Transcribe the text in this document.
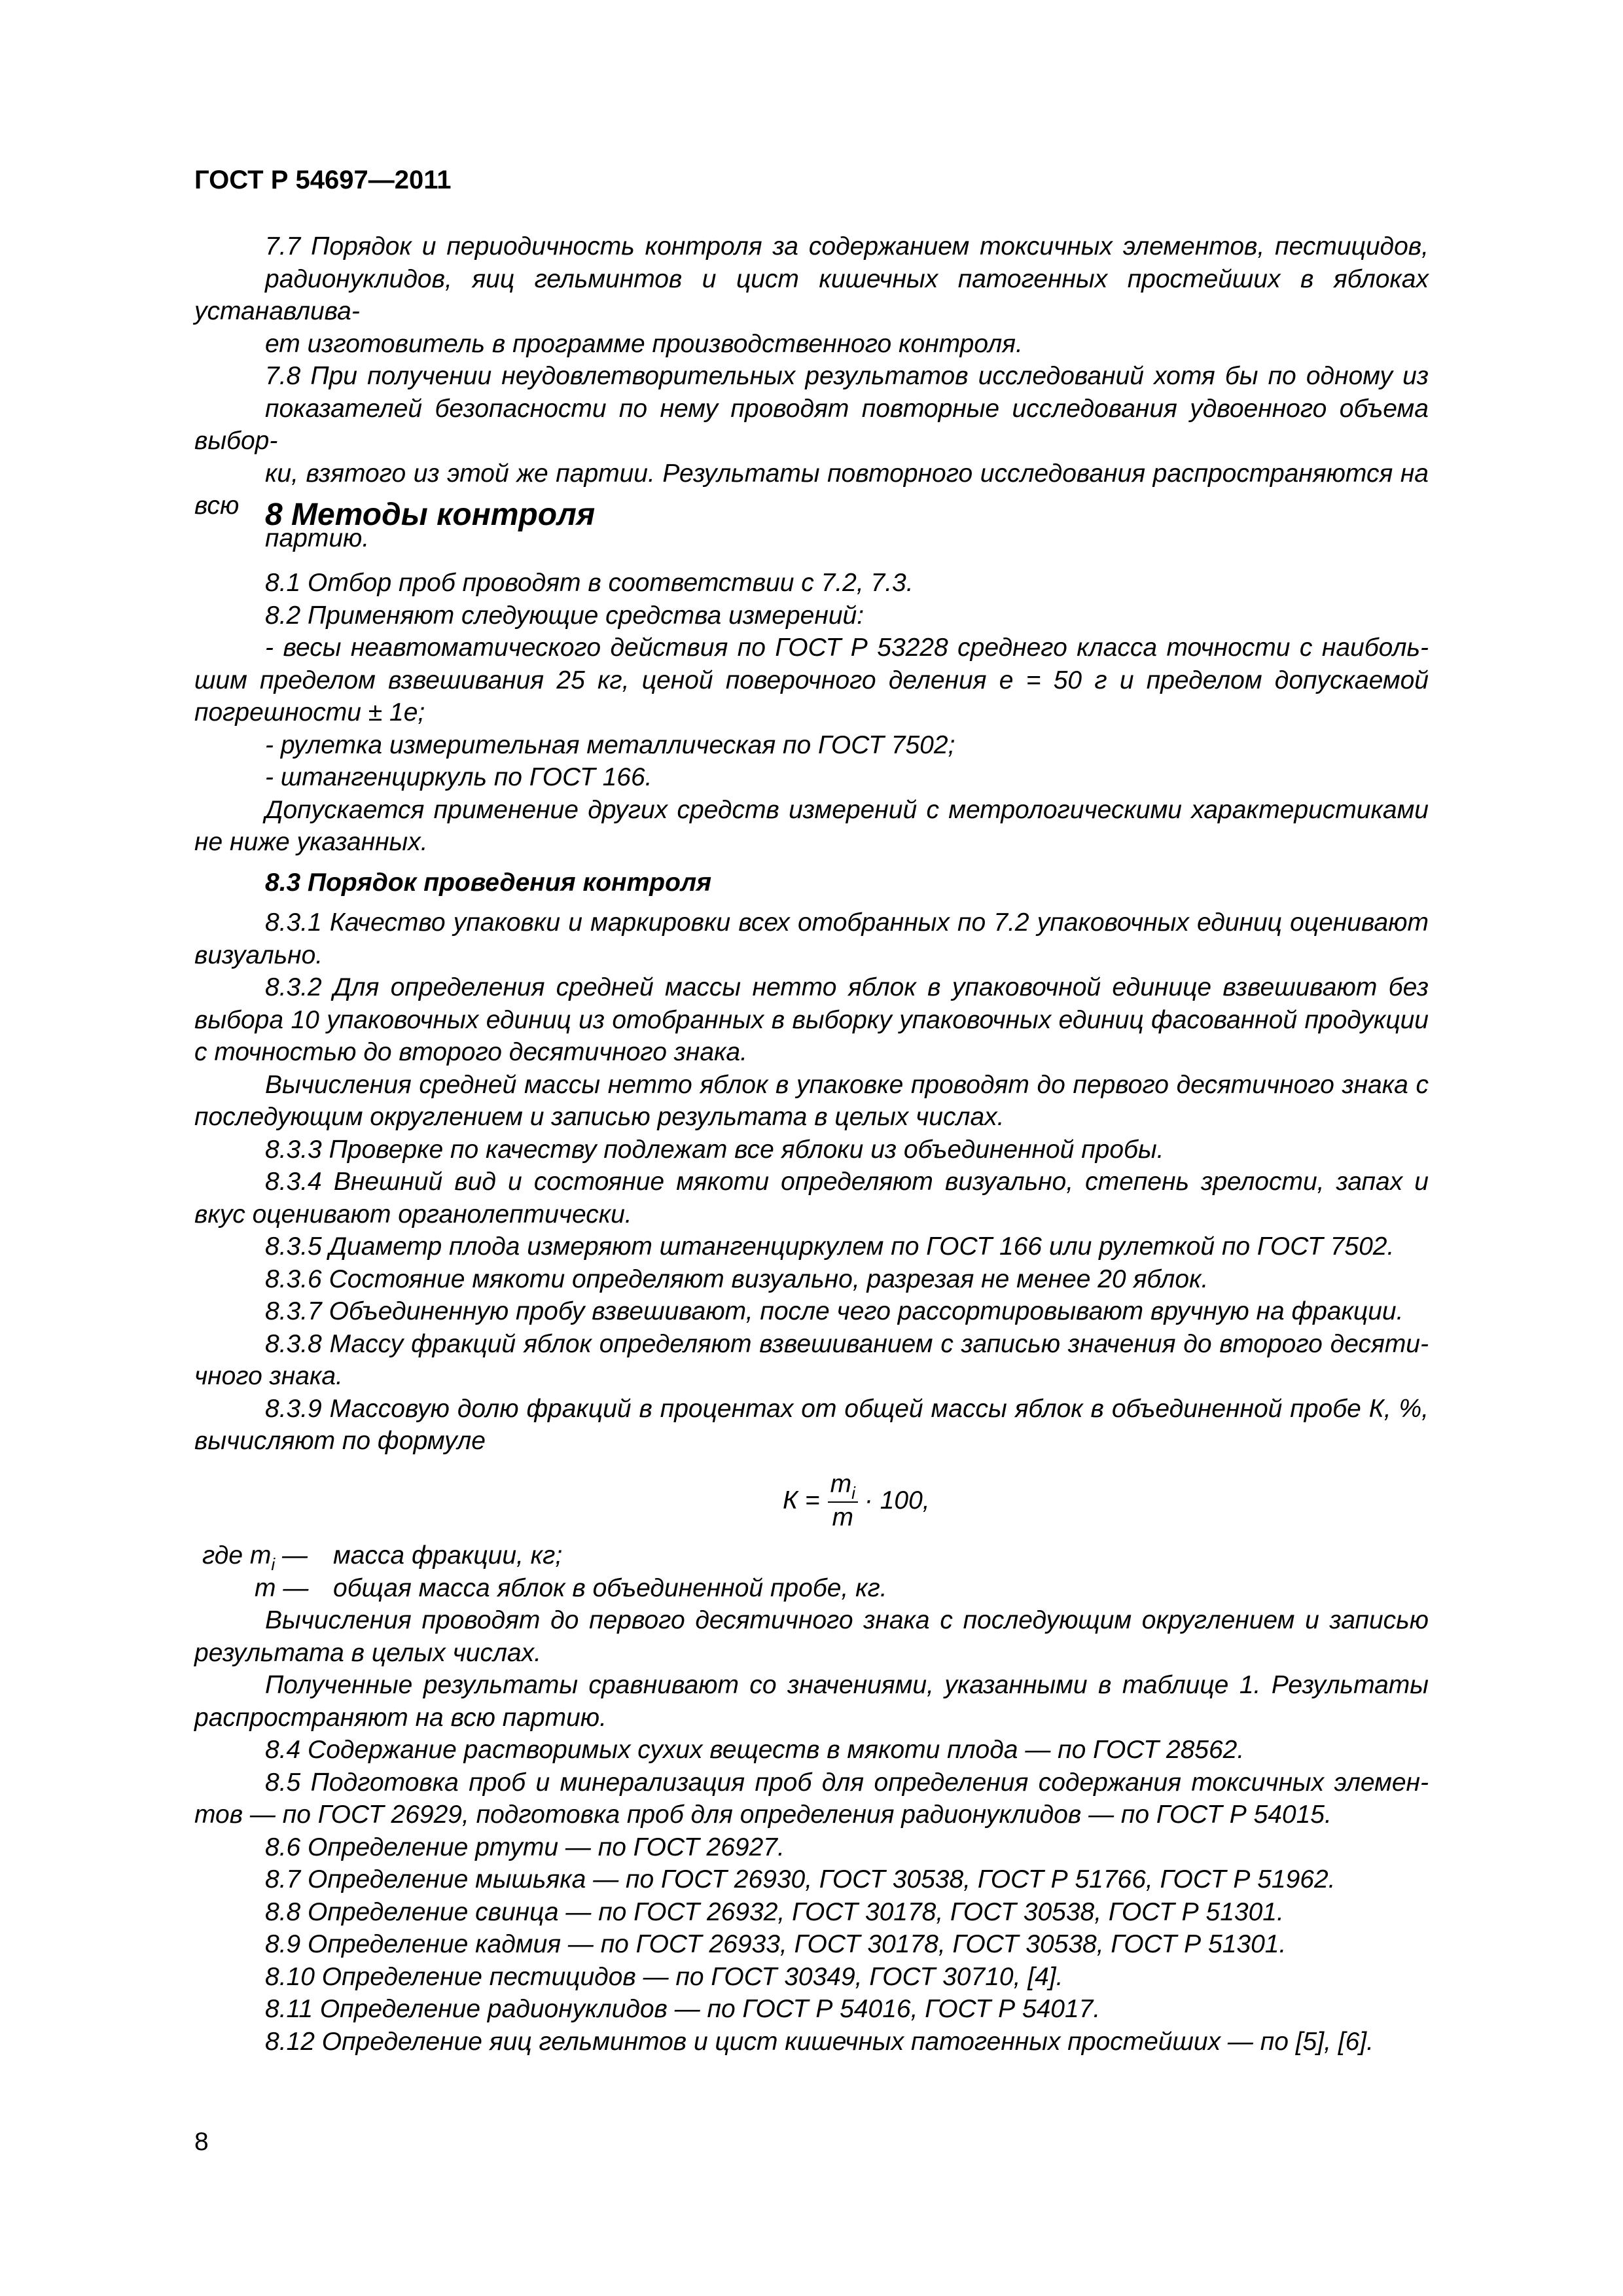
ГОСТ Р 54697—2011

7.7 Порядок и периодичность контроля за содержанием токсичных элементов, пестицидов,
радионуклидов, яиц гельминтов и цист кишечных патогенных простейших в яблоках устанавлива-
ет изготовитель в программе производственного контроля.

7.8 При получении неудовлетворительных результатов исследований хотя бы по одному из
показателей безопасности по нему проводят повторные исследования удвоенного объема выбор-
ки, взятого из этой же партии. Результаты повторного исследования распространяются на всю
партию.

8 Методы контроля
8.1 Отбор проб проводят в соответствии с 7.2, 7.3.
8.2 Применяют следующие средства измерений:
- весы неавтоматического действия по ГОСТ Р 53228 среднего класса точности с наиболь-
шим пределом взвешивания 25 кг, ценой поверочного деления е = 50 г и пределом допускаемой
погрешности ± 1е;
- рулетка измерительная металлическая по ГОСТ 7502;
- штангенциркуль по ГОСТ 166.
Допускается применение других средств измерений с метрологическими характеристиками
не ниже указанных.
8.3 Порядок проведения контроля
8.3.1 Качество упаковки и маркировки всех отобранных по 7.2 упаковочных единиц оценивают
визуально.
8.3.2 Для определения средней массы нетто яблок в упаковочной единице взвешивают без
выбора 10 упаковочных единиц из отобранных в выборку упаковочных единиц фасованной продукции
с точностью до второго десятичного знака.
Вычисления средней массы нетто яблок в упаковке проводят до первого десятичного знака с
последующим округлением и записью результата в целых числах.
8.3.3 Проверке по качеству подлежат все яблоки из объединенной пробы.
8.3.4 Внешний вид и состояние мякоти определяют визуально, степень зрелости, запах и
вкус оценивают органолептически.
8.3.5 Диаметр плода измеряют штангенциркулем по ГОСТ 166 или рулеткой по ГОСТ 7502.
8.3.6 Состояние мякоти определяют визуально, разрезая не менее 20 яблок.
8.3.7 Объединенную пробу взвешивают, после чего рассортировывают вручную на фракции.
8.3.8 Массу фракций яблок определяют взвешиванием с записью значения до второго десяти-
чного знака.
8.3.9 Массовую долю фракций в процентах от общей массы яблок в объединенной пробе К, %,
вычисляют по формуле
$К = \frac{m_i}{m} \cdot 100$,
где $m_i$ —	масса фракции, кг;
m — общая масса яблок в объединенной пробе, кг.
Вычисления проводят до первого десятичного знака с последующим округлением и записью
результата в целых числах.
Полученные результаты сравнивают со значениями, указанными в таблице 1. Результаты
распространяют на всю партию.
8.4 Содержание растворимых сухих веществ в мякоти плода — по ГОСТ 28562.
8.5 Подготовка проб и минерализация проб для определения содержания токсичных элемен-
тов — по ГОСТ 26929, подготовка проб для определения радионуклидов — по ГОСТ Р 54015.
8.6 Определение ртути — по ГОСТ 26927.
8.7 Определение мышьяка — по ГОСТ 26930, ГОСТ 30538, ГОСТ Р 51766, ГОСТ Р 51962.
8.8 Определение свинца — по ГОСТ 26932, ГОСТ 30178, ГОСТ 30538, ГОСТ Р 51301.
8.9 Определение кадмия — по ГОСТ 26933, ГОСТ 30178, ГОСТ 30538, ГОСТ Р 51301.
8.10 Определение пестицидов — по ГОСТ 30349, ГОСТ 30710, [4].
8.11 Определение радионуклидов — по ГОСТ Р 54016, ГОСТ Р 54017.
8.12 Определение яиц гельминтов и цист кишечных патогенных простейших — по [5], [6].
8
